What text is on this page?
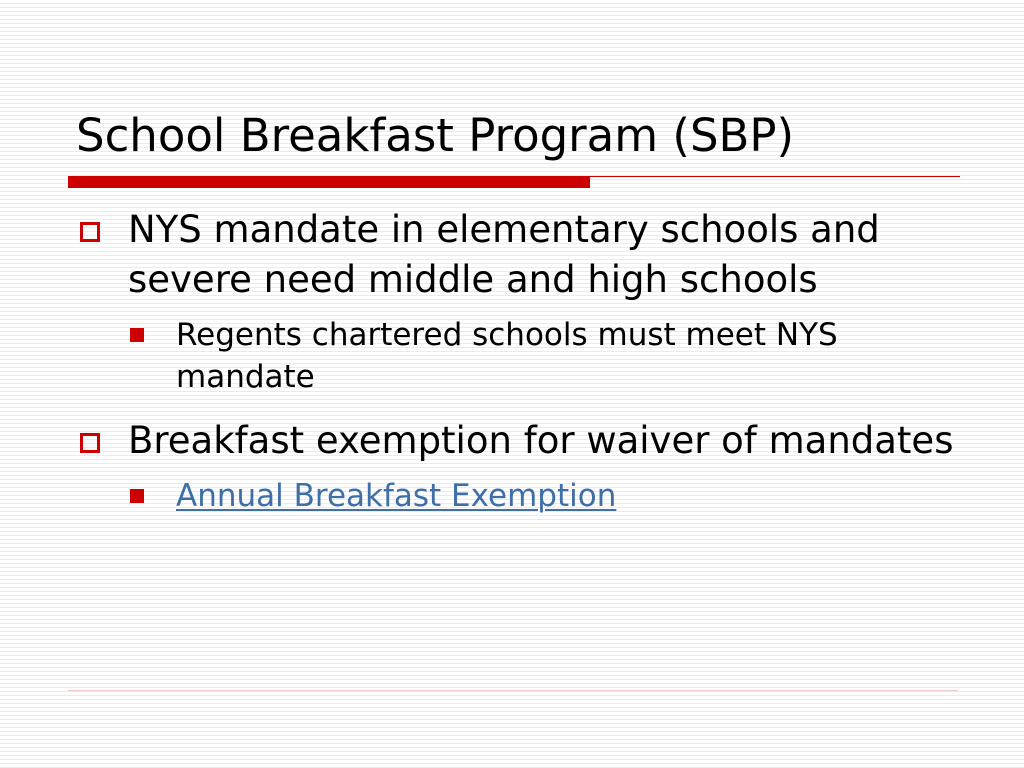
School Breakfast Program (SBP)
NYS mandate in elementary schools and severe need middle and high schools
Regents chartered schools must meet NYS mandate
Breakfast exemption for waiver of mandates
Annual Breakfast Exemption
